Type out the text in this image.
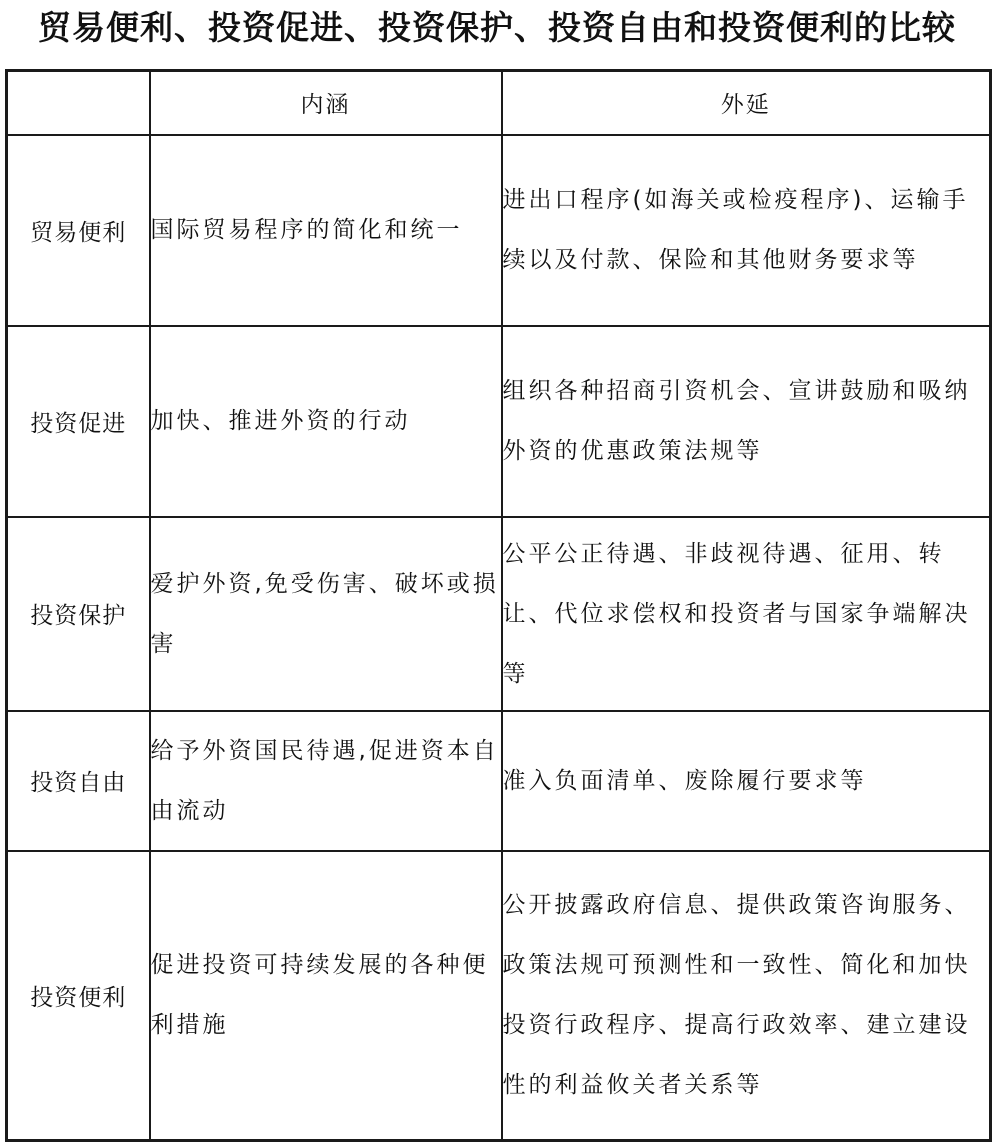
贸易便利、投资促进、投资保护、投资自由和投资便利的比较
	内涵	外延
贸易便利	国际贸易程序的简化和统一	进出口程序(如海关或检疫程序)、运输手续以及付款、保险和其他财务要求等
投资促进	加快、推进外资的行动	组织各种招商引资机会、宣讲鼓励和吸纳外资的优惠政策法规等
投资保护	爱护外资,免受伤害、破坏或损害	公平公正待遇、非歧视待遇、征用、转让、代位求偿权和投资者与国家争端解决等
投资自由	给予外资国民待遇,促进资本自由流动	准入负面清单、废除履行要求等
投资便利	促进投资可持续发展的各种便利措施	公开披露政府信息、提供政策咨询服务、政策法规可预测性和一致性、简化和加快投资行政程序、提高行政效率、建立建设性的利益攸关者关系等
